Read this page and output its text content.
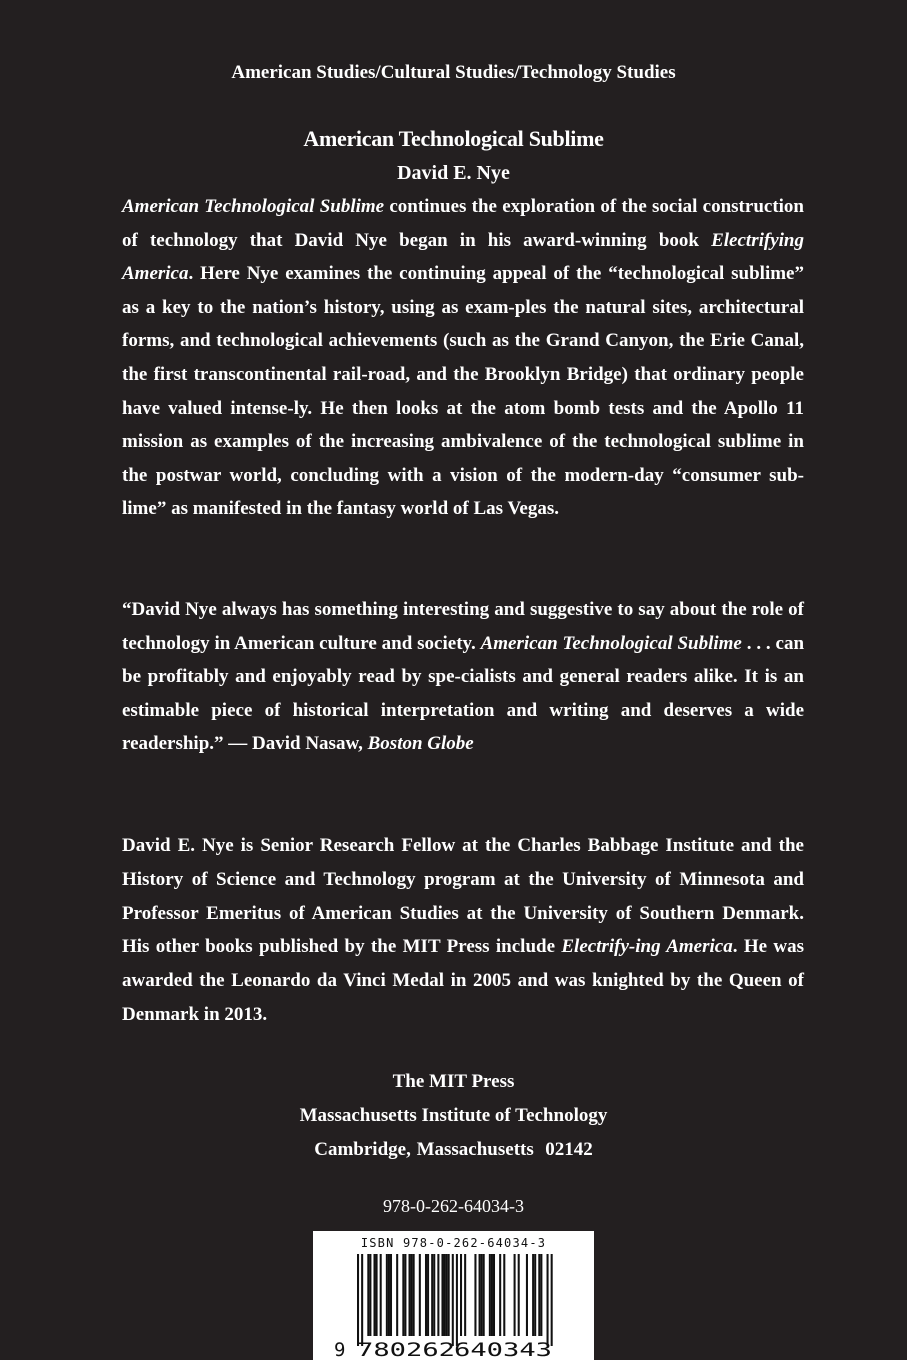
American Studies/Cultural Studies/Technology Studies
American Technological Sublime
David E. Nye
American Technological Sublime continues the exploration of the social construction of technology that David Nye began in his award-winning book Electrifying America. Here Nye examines the continuing appeal of the “technological sublime” as a key to the nation’s history, using as exam-ples the natural sites, architectural forms, and technological achievements (such as the Grand Canyon, the Erie Canal, the first transcontinental rail-road, and the Brooklyn Bridge) that ordinary people have valued intense-ly. He then looks at the atom bomb tests and the Apollo 11 mission as examples of the increasing ambivalence of the technological sublime in the postwar world, concluding with a vision of the modern-day “consumer sub-lime” as manifested in the fantasy world of Las Vegas.
“David Nye always has something interesting and suggestive to say about the role of technology in American culture and society. American Technological Sublime . . . can be profitably and enjoyably read by spe-cialists and general readers alike. It is an estimable piece of historical interpretation and writing and deserves a wide readership.” — David Nasaw, Boston Globe
David E. Nye is Senior Research Fellow at the Charles Babbage Institute and the History of Science and Technology program at the University of Minnesota and Professor Emeritus of American Studies at the University of Southern Denmark. His other books published by the MIT Press include Electrify-ing America. He was awarded the Leonardo da Vinci Medal in 2005 and was knighted by the Queen of Denmark in 2013.
The MIT Press
Massachusetts Institute of Technology
Cambridge, Massachusetts  02142
978-0-262-64034-3
ISBN 978-0-262-64034-3
9 780262 640343
